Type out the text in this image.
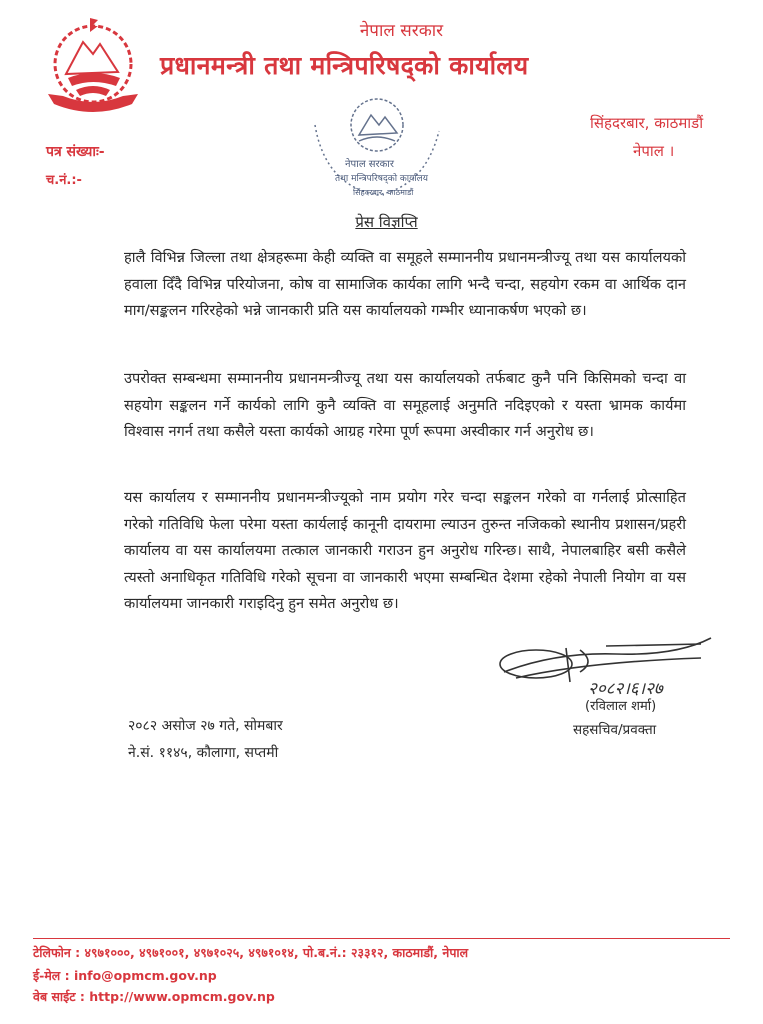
नेपाल सरकार
प्रधानमन्त्री तथा मन्त्रिपरिषद्को कार्यालय
सिंहदरबार, काठमाडौं
नेपाल ।
पत्र संख्याः-
च.नं.:-
नेपाल सरकार
तथा मन्त्रिपरिषद्को कार्यालय
सिंहदरबार, काठमाडौं
प्रेस विज्ञप्ति
हालै विभिन्न जिल्ला तथा क्षेत्रहरूमा केही व्यक्ति वा समूहले सम्माननीय प्रधानमन्त्रीज्यू तथा यस कार्यालयको हवाला दिँदै विभिन्न परियोजना, कोष वा सामाजिक कार्यका लागि भन्दै चन्दा, सहयोग रकम वा आर्थिक दान माग/सङ्कलन गरिरहेको भन्ने जानकारी प्रति यस कार्यालयको गम्भीर ध्यानाकर्षण भएको छ।
उपरोक्त सम्बन्धमा सम्माननीय प्रधानमन्त्रीज्यू तथा यस कार्यालयको तर्फबाट कुनै पनि किसिमको चन्दा वा सहयोग सङ्कलन गर्ने कार्यको लागि कुनै व्यक्ति वा समूहलाई अनुमति नदिइएको र यस्ता भ्रामक कार्यमा विश्वास नगर्न तथा कसैले यस्ता कार्यको आग्रह गरेमा पूर्ण रूपमा अस्वीकार गर्न अनुरोध छ।
यस कार्यालय र सम्माननीय प्रधानमन्त्रीज्यूको नाम प्रयोग गरेर चन्दा सङ्कलन गरेको वा गर्नलाई प्रोत्साहित गरेको गतिविधि फेला परेमा यस्ता कार्यलाई कानूनी दायरामा ल्याउन तुरुन्त नजिकको स्थानीय प्रशासन/प्रहरी कार्यालय वा यस कार्यालयमा तत्काल जानकारी गराउन हुन अनुरोध गरिन्छ। साथै, नेपालबाहिर बसी कसैले त्यस्तो अनाधिकृत गतिविधि गरेको सूचना वा जानकारी भएमा सम्बन्धित देशमा रहेको नेपाली नियोग वा यस कार्यालयमा जानकारी गराइदिनु हुन समेत अनुरोध छ।
२०८२।६।२७
(रविलाल शर्मा)
सहसचिव/प्रवक्ता
२०८२ असोज २७ गते, सोमबार
ने.सं. ११४५, कौलागा, सप्तमी
टेलिफोन : ४९७१०००, ४९७१००१, ४९७१०२५, ४९७१०१४, पो.ब.नं.: २३३१२, काठमाडौं, नेपाल
ई-मेल : info@opmcm.gov.np
वेब साईट : http://www.opmcm.gov.np
